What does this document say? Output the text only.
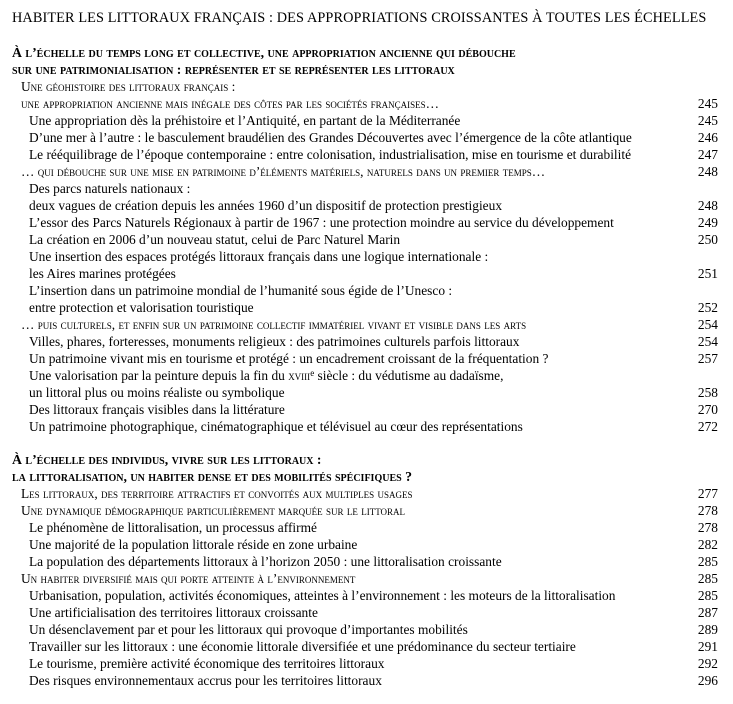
HABITER LES LITTORAUX FRANÇAIS : DES APPROPRIATIONS CROISSANTES À TOUTES LES ÉCHELLES
À l’échelle du temps long et collective, une appropriation ancienne qui débouche
sur une patrimonialisation : représenter et se représenter les littoraux
Une géohistoire des littoraux français :
une appropriation ancienne mais inégale des côtes par les sociétés françaises…	245
Une appropriation dès la préhistoire et l’Antiquité, en partant de la Méditerranée	245
D’une mer à l’autre : le basculement braudélien des Grandes Découvertes avec l’émergence de la côte atlantique	246
Le rééquilibrage de l’époque contemporaine : entre colonisation, industrialisation, mise en tourisme et durabilité	247
… qui débouche sur une mise en patrimoine d’éléments matériels, naturels dans un premier temps…	248
Des parcs naturels nationaux :
deux vagues de création depuis les années 1960 d’un dispositif de protection prestigieux	248
L’essor des Parcs Naturels Régionaux à partir de 1967 : une protection moindre au service du développement	249
La création en 2006 d’un nouveau statut, celui de Parc Naturel Marin	250
Une insertion des espaces protégés littoraux français dans une logique internationale :
les Aires marines protégées	251
L’insertion dans un patrimoine mondial de l’humanité sous égide de l’Unesco :
entre protection et valorisation touristique	252
… puis culturels, et enfin sur un patrimoine collectif immatériel vivant et visible dans les arts	254
Villes, phares, forteresses, monuments religieux : des patrimoines culturels parfois littoraux	254
Un patrimoine vivant mis en tourisme et protégé : un encadrement croissant de la fréquentation ?	257
Une valorisation par la peinture depuis la fin du xviii$^e$ siècle : du védutisme au dadaïsme,
un littoral plus ou moins réaliste ou symbolique	258
Des littoraux français visibles dans la littérature	270
Un patrimoine photographique, cinématographique et télévisuel au cœur des représentations	272
À l’échelle des individus, vivre sur les littoraux :
la littoralisation, un habiter dense et des mobilités spécifiques ?
Les littoraux, des territoire attractifs et convoités aux multiples usages	277
Une dynamique démographique particulièrement marquée sur le littoral	278
Le phénomène de littoralisation, un processus affirmé	278
Une majorité de la population littorale réside en zone urbaine	282
La population des départements littoraux à l’horizon 2050 : une littoralisation croissante	285
Un habiter diversifié mais qui porte atteinte à l’environnement	285
Urbanisation, population, activités économiques, atteintes à l’environnement : les moteurs de la littoralisation	285
Une artificialisation des territoires littoraux croissante	287
Un désenclavement par et pour les littoraux qui provoque d’importantes mobilités	289
Travailler sur les littoraux : une économie littorale diversifiée et une prédominance du secteur tertiaire	291
Le tourisme, première activité économique des territoires littoraux	292
Des risques environnementaux accrus pour les territoires littoraux	296
